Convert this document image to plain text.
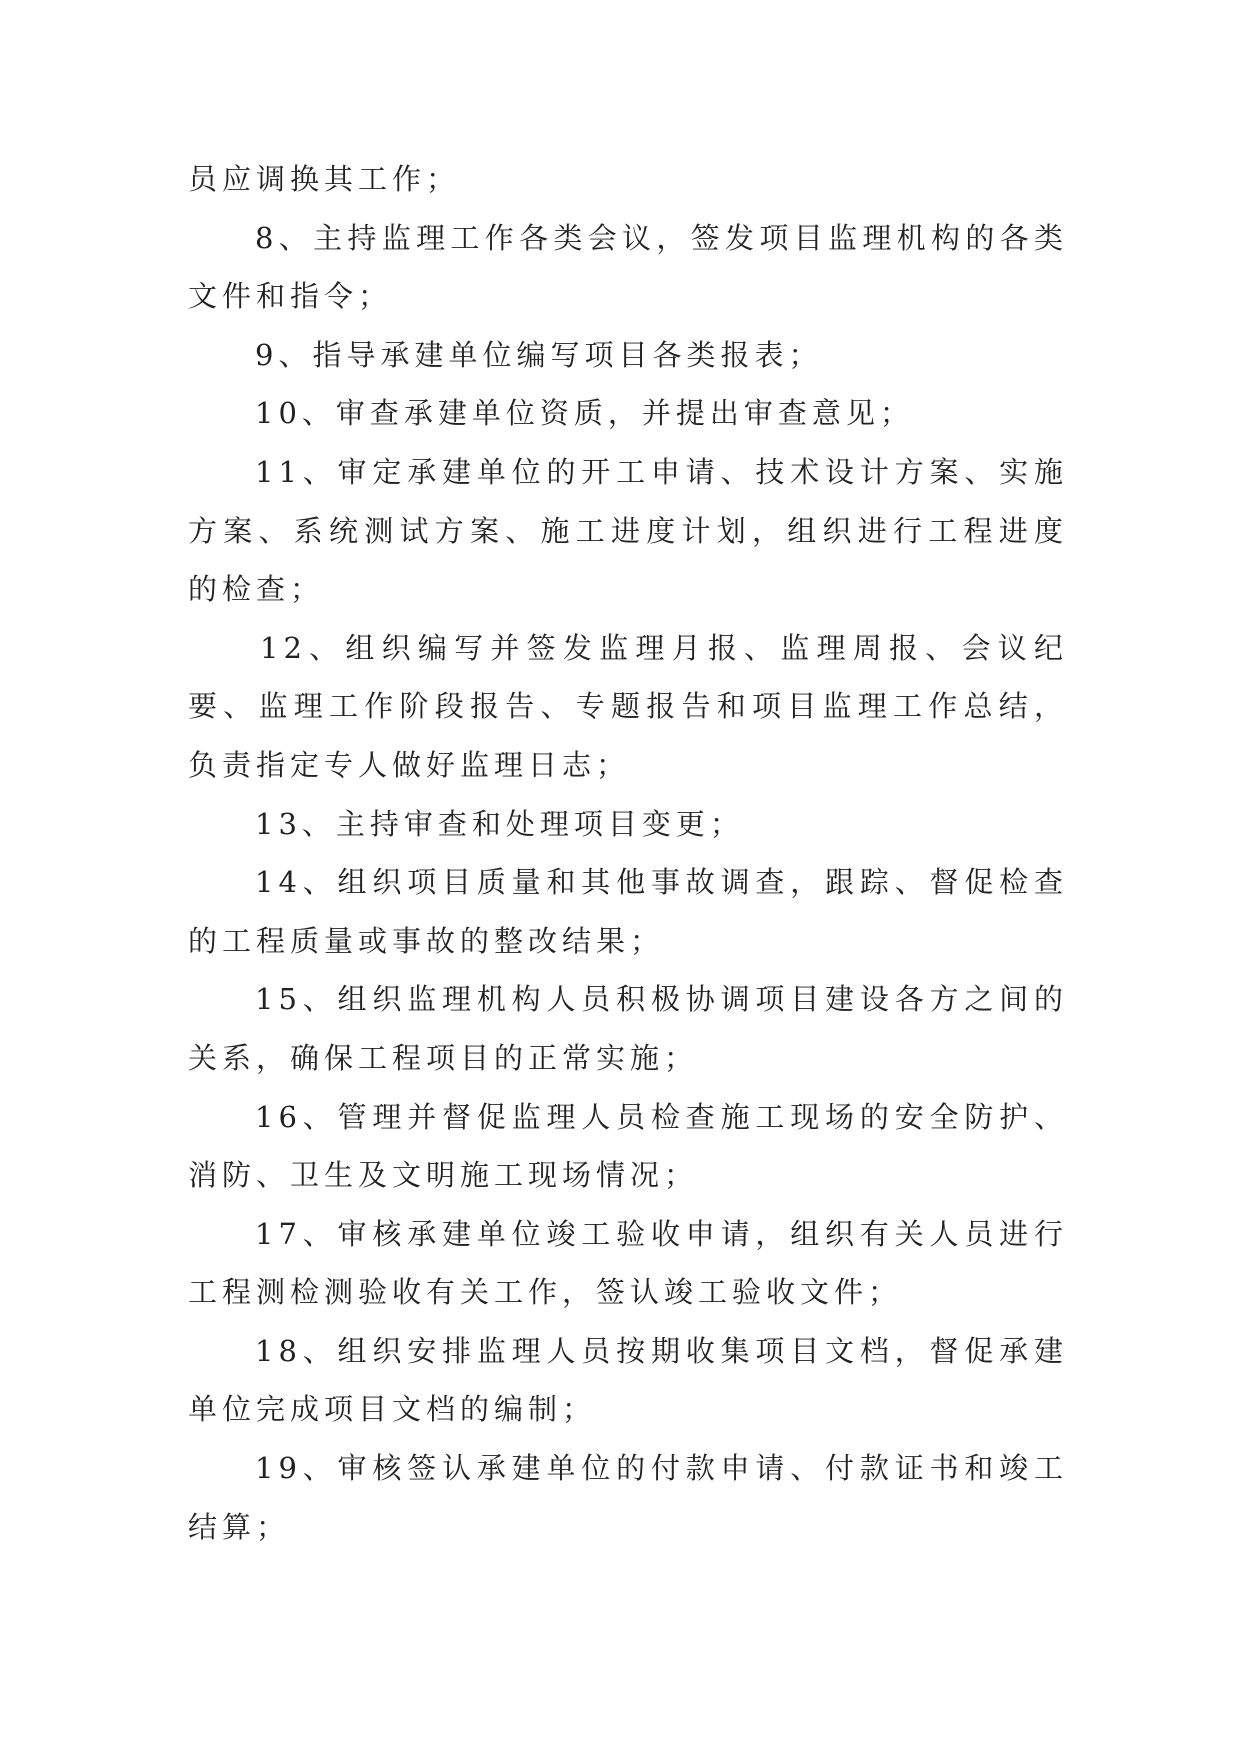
员应调换其工作；

8、主持监理工作各类会议，签发项目监理机构的各类文件和指令；

9、指导承建单位编写项目各类报表；

10、审查承建单位资质，并提出审查意见；

11、审定承建单位的开工申请、技术设计方案、实施方案、系统测试方案、施工进度计划，组织进行工程进度的检查；

12、组织编写并签发监理月报、监理周报、会议纪要、监理工作阶段报告、专题报告和项目监理工作总结，负责指定专人做好监理日志；

13、主持审查和处理项目变更；

14、组织项目质量和其他事故调查，跟踪、督促检查的工程质量或事故的整改结果；

15、组织监理机构人员积极协调项目建设各方之间的关系，确保工程项目的正常实施；

16、管理并督促监理人员检查施工现场的安全防护、消防、卫生及文明施工现场情况；

17、审核承建单位竣工验收申请，组织有关人员进行工程测检测验收有关工作，签认竣工验收文件；

18、组织安排监理人员按期收集项目文档，督促承建单位完成项目文档的编制；

19、审核签认承建单位的付款申请、付款证书和竣工结算；
